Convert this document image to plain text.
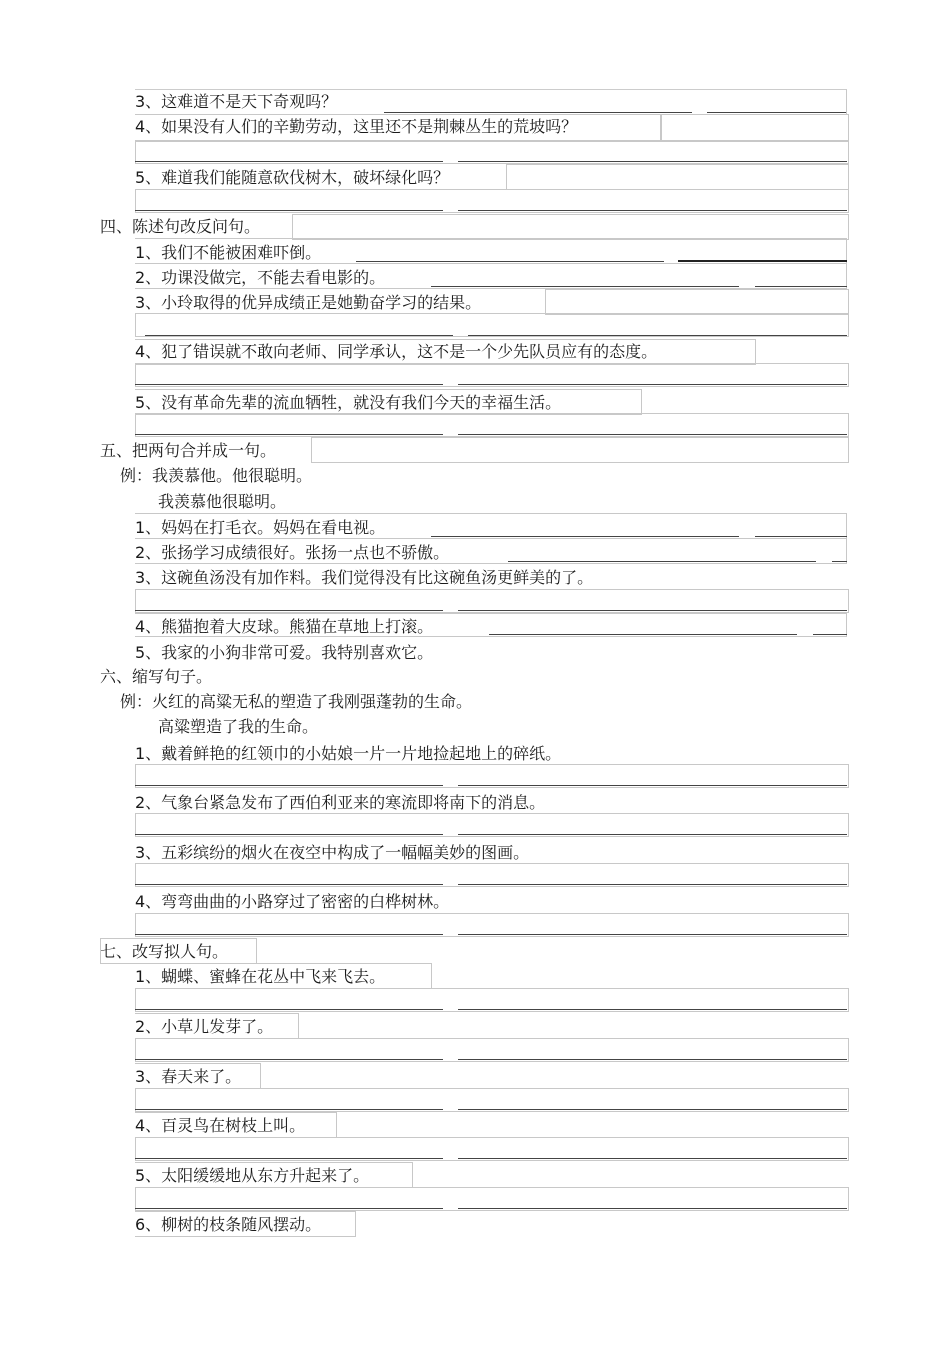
3、这难道不是天下奇观吗？
4、如果没有人们的辛勤劳动，这里还不是荆棘丛生的荒坡吗？
5、难道我们能随意砍伐树木，破坏绿化吗？
四、陈述句改反问句。
1、我们不能被困难吓倒。
2、功课没做完，不能去看电影的。
3、小玲取得的优异成绩正是她勤奋学习的结果。
4、犯了错误就不敢向老师、同学承认，这不是一个少先队员应有的态度。
5、没有革命先辈的流血牺牲，就没有我们今天的幸福生活。
五、把两句合并成一句。
例：我羡慕他。他很聪明。
我羡慕他很聪明。
1、妈妈在打毛衣。妈妈在看电视。
2、张扬学习成绩很好。张扬一点也不骄傲。
3、这碗鱼汤没有加作料。我们觉得没有比这碗鱼汤更鲜美的了。
4、熊猫抱着大皮球。熊猫在草地上打滚。
5、我家的小狗非常可爱。我特别喜欢它。
六、缩写句子。
例：火红的高粱无私的塑造了我刚强蓬勃的生命。
高粱塑造了我的生命。
1、戴着鲜艳的红领巾的小姑娘一片一片地捡起地上的碎纸。
2、气象台紧急发布了西伯利亚来的寒流即将南下的消息。
3、五彩缤纷的烟火在夜空中构成了一幅幅美妙的图画。
4、弯弯曲曲的小路穿过了密密的白桦树林。
七、改写拟人句。
1、蝴蝶、蜜蜂在花丛中飞来飞去。
2、小草儿发芽了。
3、春天来了。
4、百灵鸟在树枝上叫。
5、太阳缓缓地从东方升起来了。
6、柳树的枝条随风摆动。
